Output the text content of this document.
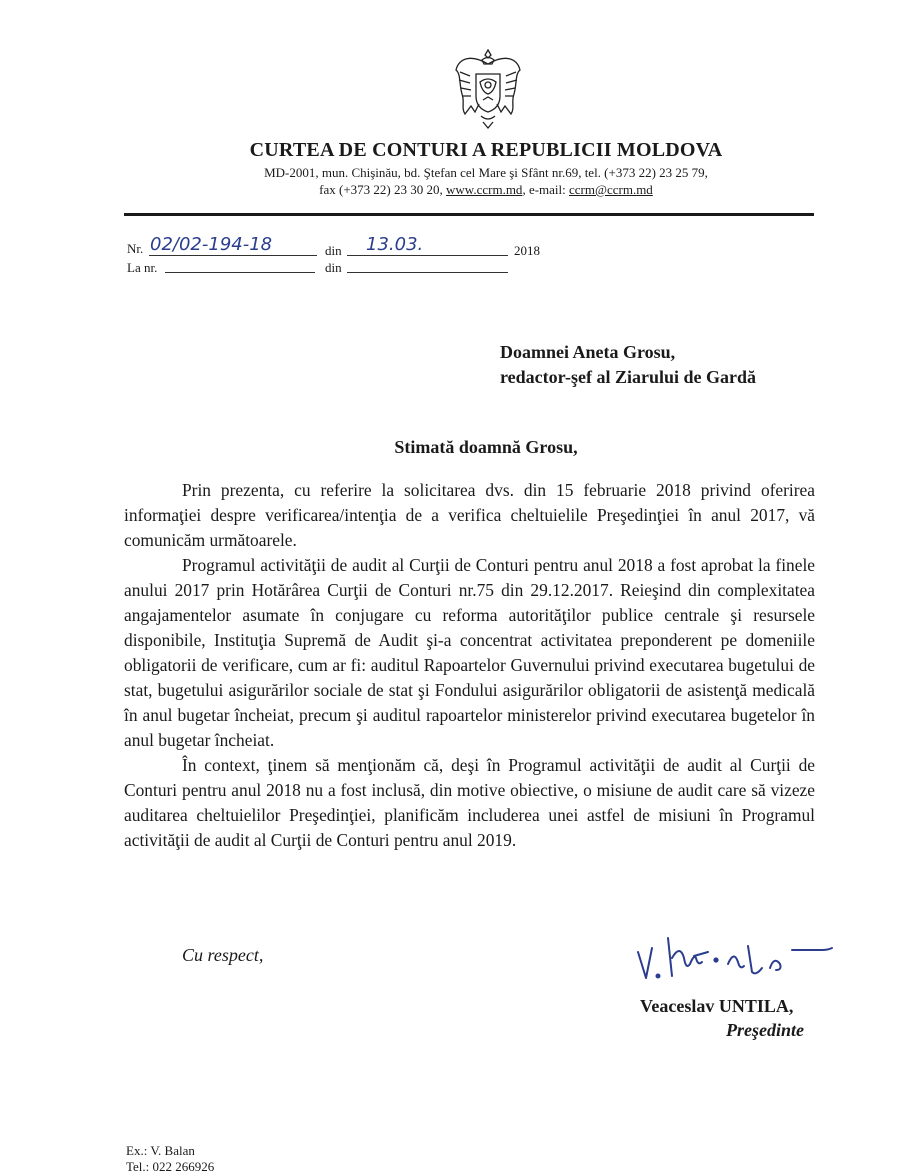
CURTEA DE CONTURI A REPUBLICII MOLDOVA
MD-2001, mun. Chişinău, bd. Ştefan cel Mare şi Sfânt nr.69, tel. (+373 22) 23 25 79,
fax (+373 22) 23 30 20, www.ccrm.md, e-mail: ccrm@ccrm.md
Nr. 02/02-194-18	din 13.03.	2018
La nr.	din
Doamnei Aneta Grosu,
redactor-şef al Ziarului de Gardă
Stimată doamnă Grosu,

Prin prezenta, cu referire la solicitarea dvs. din 15 februarie 2018 privind oferirea informaţiei despre verificarea/intenţia de a verifica cheltuielile Preşedinţiei în anul 2017, vă comunicăm următoarele.

Programul activităţii de audit al Curţii de Conturi pentru anul 2018 a fost aprobat la finele anului 2017 prin Hotărârea Curţii de Conturi nr.75 din 29.12.2017. Reieşind din complexitatea angajamentelor asumate în conjugare cu reforma autorităţilor publice centrale şi resursele disponibile, Instituţia Supremă de Audit şi-a concentrat activitatea preponderent pe domeniile obligatorii de verificare, cum ar fi: auditul Rapoartelor Guvernului privind executarea bugetului de stat, bugetului asigurărilor sociale de stat şi Fondului asigurărilor obligatorii de asistenţă medicală în anul bugetar încheiat, precum şi auditul rapoartelor ministerelor privind executarea bugetelor în anul bugetar încheiat.

În context, ţinem să menţionăm că, deşi în Programul activităţii de audit al Curţii de Conturi pentru anul 2018 nu a fost inclusă, din motive obiective, o misiune de audit care să vizeze auditarea cheltuielilor Preşedinţiei, planificăm includerea unei astfel de misiuni în Programul activităţii de audit al Curţii de Conturi pentru anul 2019.

Cu respect,
Veaceslav UNTILA,
Preşedinte
Ex.: V. Balan
Tel.: 022 266926
